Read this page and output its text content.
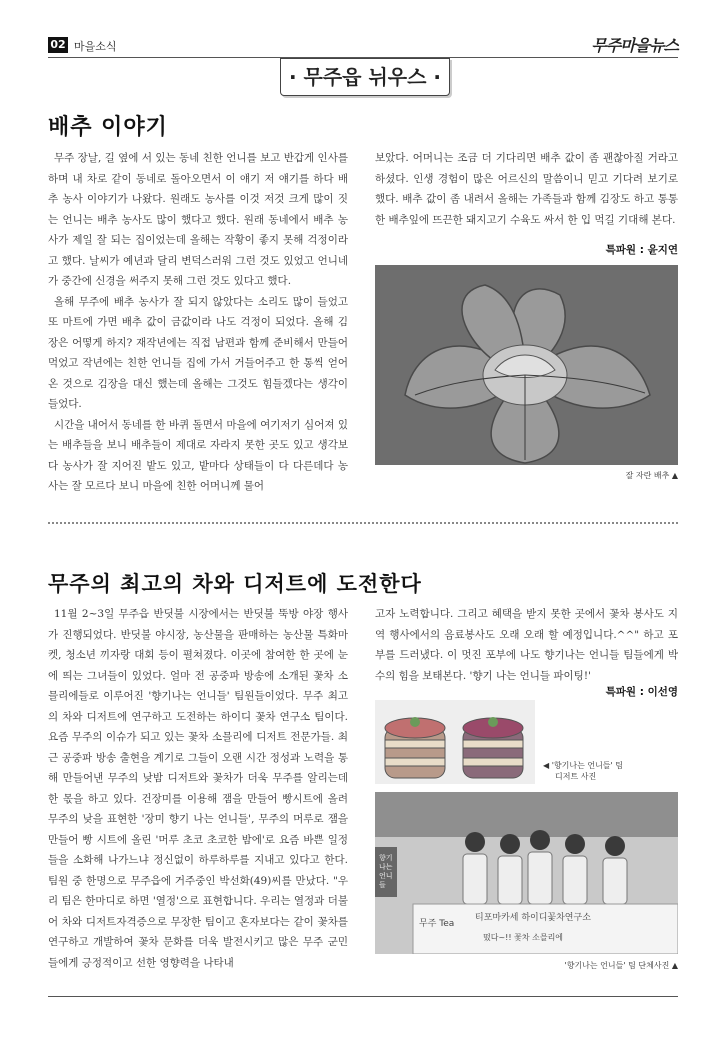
02 마을소식	무주마을뉴스
· 무주읍 뉘우스 ·
배추 이야기

무주 장날, 길 옆에 서 있는 동네 친한 언니를 보고 반갑게 인사를 하며 내 차로 같이 동네로 돌아오면서 이 얘기 저 얘기를 하다 배추 농사 이야기가 나왔다. 원래도 농사를 이것 저것 크게 많이 짓는 언니는 배추 농사도 많이 했다고 했다. 원래 동네에서 배추 농사가 제일 잘 되는 집이었는데 올해는 작황이 좋지 못해 걱정이라고 했다. 날씨가 예년과 달리 변덕스러워 그런 것도 있었고 언니네가 중간에 신경을 써주지 못해 그런 것도 있다고 했다.

올해 무주에 배추 농사가 잘 되지 않았다는 소리도 많이 들었고 또 마트에 가면 배추 값이 금값이라 나도 걱정이 되었다. 올해 김장은 어떻게 하지? 재작년에는 직접 남편과 함께 준비해서 만들어 먹었고 작년에는 친한 언니들 집에 가서 거들어주고 한 통씩 얻어 온 것으로 김장을 대신 했는데 올해는 그것도 힘들겠다는 생각이 들었다.

시간을 내어서 동네를 한 바퀴 돌면서 마을에 여기저기 심어져 있는 배추들을 보니 배추들이 제대로 자라지 못한 곳도 있고 생각보다 농사가 잘 지어진 밭도 있고, 밭마다 상태들이 다 다른데다 농사는 잘 모르다 보니 마을에 친한 어머니께 물어

보았다. 어머니는 조금 더 기다리면 배추 값이 좀 괜찮아질 거라고 하셨다. 인생 경험이 많은 어르신의 말씀이니 믿고 기다려 보기로 했다. 배추 값이 좀 내려서 올해는 가족들과 함께 김장도 하고 통통한 배추잎에 뜨끈한 돼지고기 수육도 싸서 한 입 먹길 기대해 본다.

특파원 : 윤지연
잘 자란 배추 ▲
무주의 최고의 차와 디저트에 도전한다

11월 2~3일 무주읍 반딧불 시장에서는 반딧불 뚝방 야장 행사가 진행되었다. 반딧불 야시장, 농산물을 판매하는 농산물 특화마켓, 청소년 끼자랑 대회 등이 펼쳐졌다. 이곳에 참여한 한 곳에 눈에 띄는 그녀들이 있었다. 얼마 전 공중파 방송에 소개된 꽃차 소믈리에들로 이루어진 '향기나는 언니들' 팀원들이었다. 무주 최고의 차와 디저트에 연구하고 도전하는 하이디 꽃차 연구소 팀이다. 요즘 무주의 이슈가 되고 있는 꽃차 소믈리에 디저트 전문가들. 최근 공중파 방송 출현을 계기로 그들이 오랜 시간 정성과 노력을 통해 만들어낸 무주의 낮밤 디저트와 꽃차가 더욱 무주를 알리는데 한 몫을 하고 있다. 건장미를 이용해 잼을 만들어 빵시트에 올려 무주의 낮을 표현한 '장미 향기 나는 언니들', 무주의 머루로 잼을 만들어 빵 시트에 올린 '머루 초코 초코한 밤에'로 요즘 바쁜 일정들을 소화해 나가느냐 정신없이 하루하루를 지내고 있다고 한다. 팀원 중 한명으로 무주읍에 거주중인 박선화(49)씨를 만났다. "우리 팀은 한마디로 하면 '열정'으로 표현합니다. 우리는 열정과 더불어 차와 디저트자격증으로 무장한 팀이고 혼자보다는 같이 꽃차를 연구하고 개발하여 꽃차 문화를 더욱 발전시키고 많은 무주 군민들에게 긍정적이고 선한 영향력을 나타내

고자 노력합니다. 그리고 혜택을 받지 못한 곳에서 꽃차 봉사도 지역 행사에서의 음료봉사도 오래 오래 할 예정입니다.^^" 하고 포부를 드러냈다. 이 멋진 포부에 나도 향기나는 언니들 팀들에게 박수의 힘을 보태본다. '향기 나는 언니들 파이팅!'

특파원 : 이선영
◀ '향기나는 언니들' 팀
디저트 사진
향기나는 언니들
무주 Tea
티포마카세 하이디꽃차연구소
떴다~!! 꽃차 소믈리에
'향기나는 언니들' 팀 단체사진 ▲
